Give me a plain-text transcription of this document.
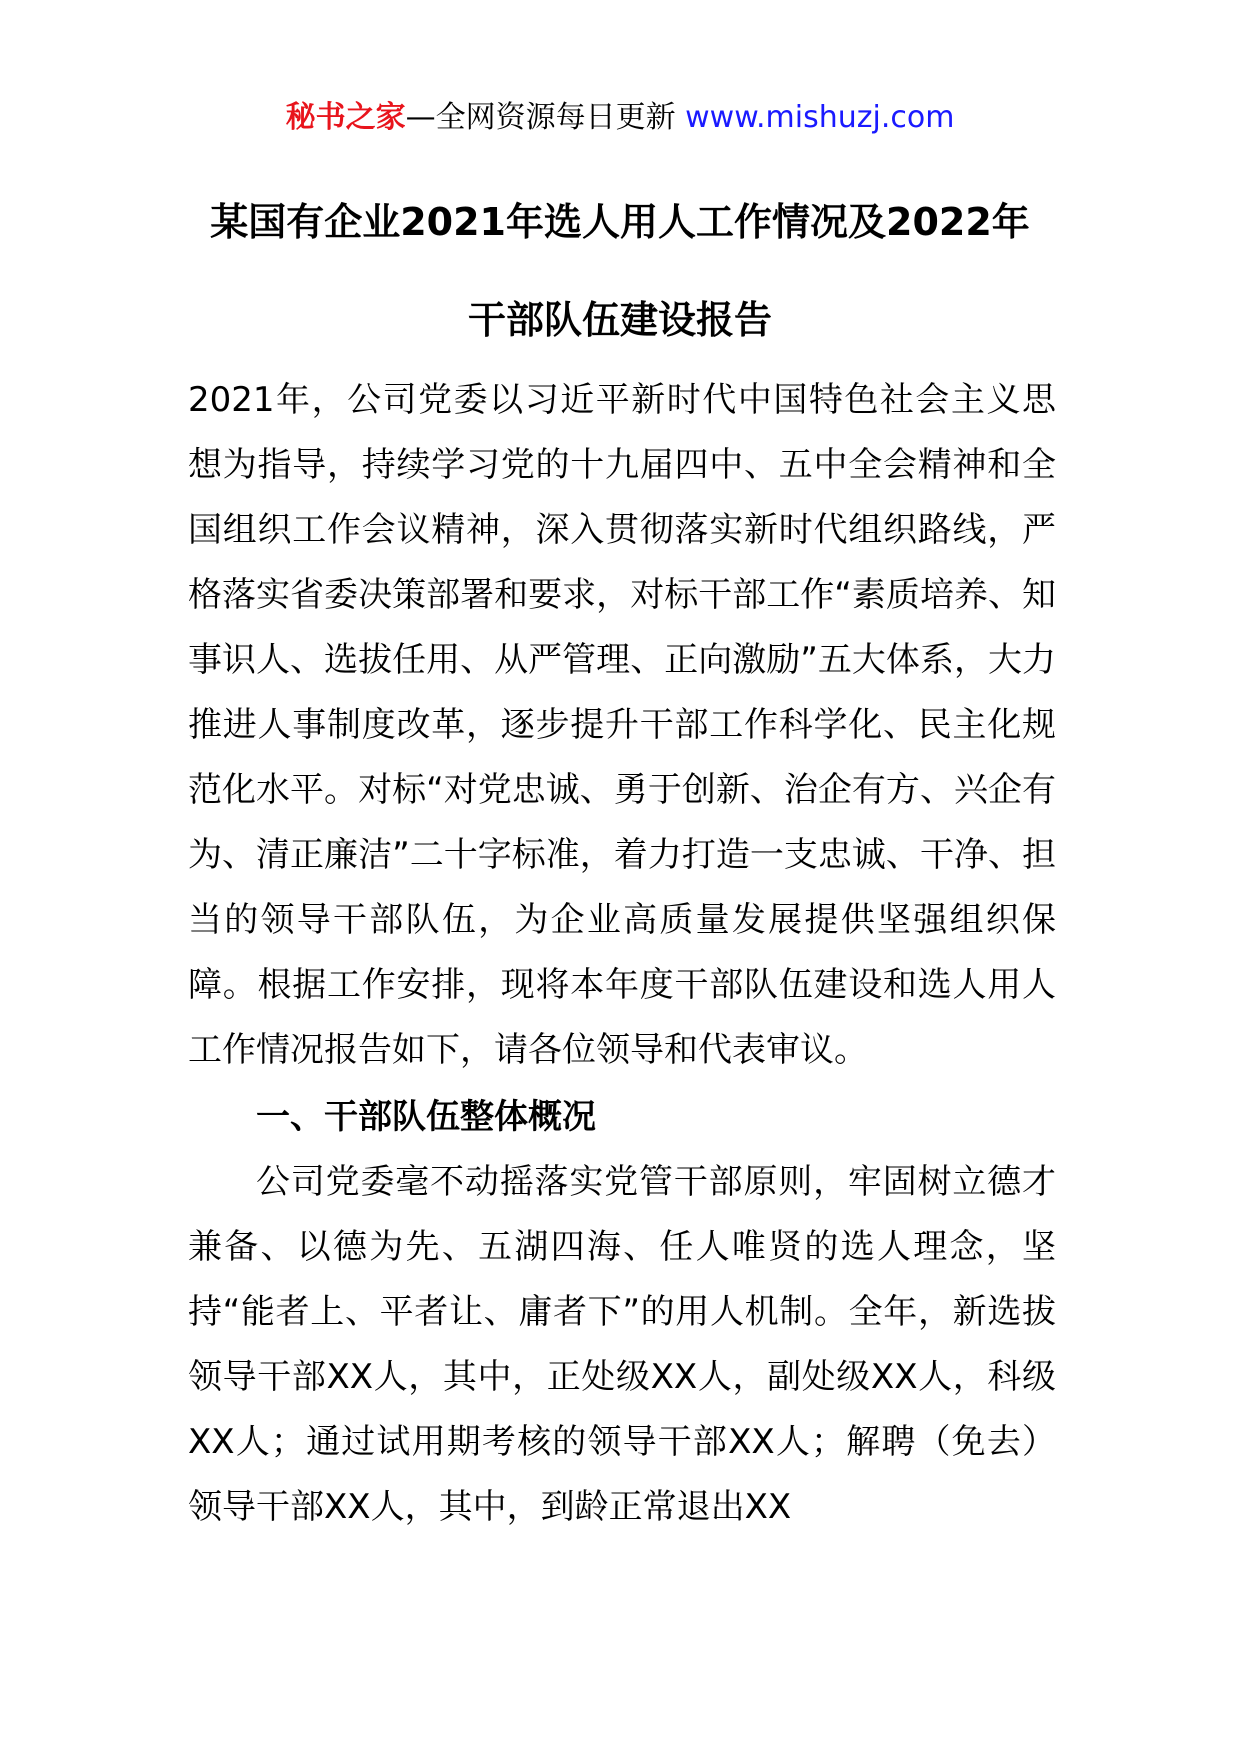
秘书之家—全网资源每日更新 www.mishuzj.com
某国有企业2021年选人用人工作情况及2022年
干部队伍建设报告
2021年，公司党委以习近平新时代中国特色社会主义思想为指导，持续学习党的十九届四中、五中全会精神和全国组织工作会议精神，深入贯彻落实新时代组织路线，严格落实省委决策部署和要求，对标干部工作“素质培养、知事识人、选拔任用、从严管理、正向激励”五大体系，大力推进人事制度改革，逐步提升干部工作科学化、民主化规范化水平。对标“对党忠诚、勇于创新、治企有方、兴企有为、清正廉洁”二十字标准，着力打造一支忠诚、干净、担当的领导干部队伍，为企业高质量发展提供坚强组织保障。根据工作安排，现将本年度干部队伍建设和选人用人工作情况报告如下，请各位领导和代表审议。
一、干部队伍整体概况
公司党委毫不动摇落实党管干部原则，牢固树立德才兼备、以德为先、五湖四海、任人唯贤的选人理念，坚持“能者上、平者让、庸者下”的用人机制。全年，新选拔领导干部XX人，其中，正处级XX人，副处级XX人，科级XX人；通过试用期考核的领导干部XX人；解聘（免去）领导干部XX人，其中，到龄正常退出XX
